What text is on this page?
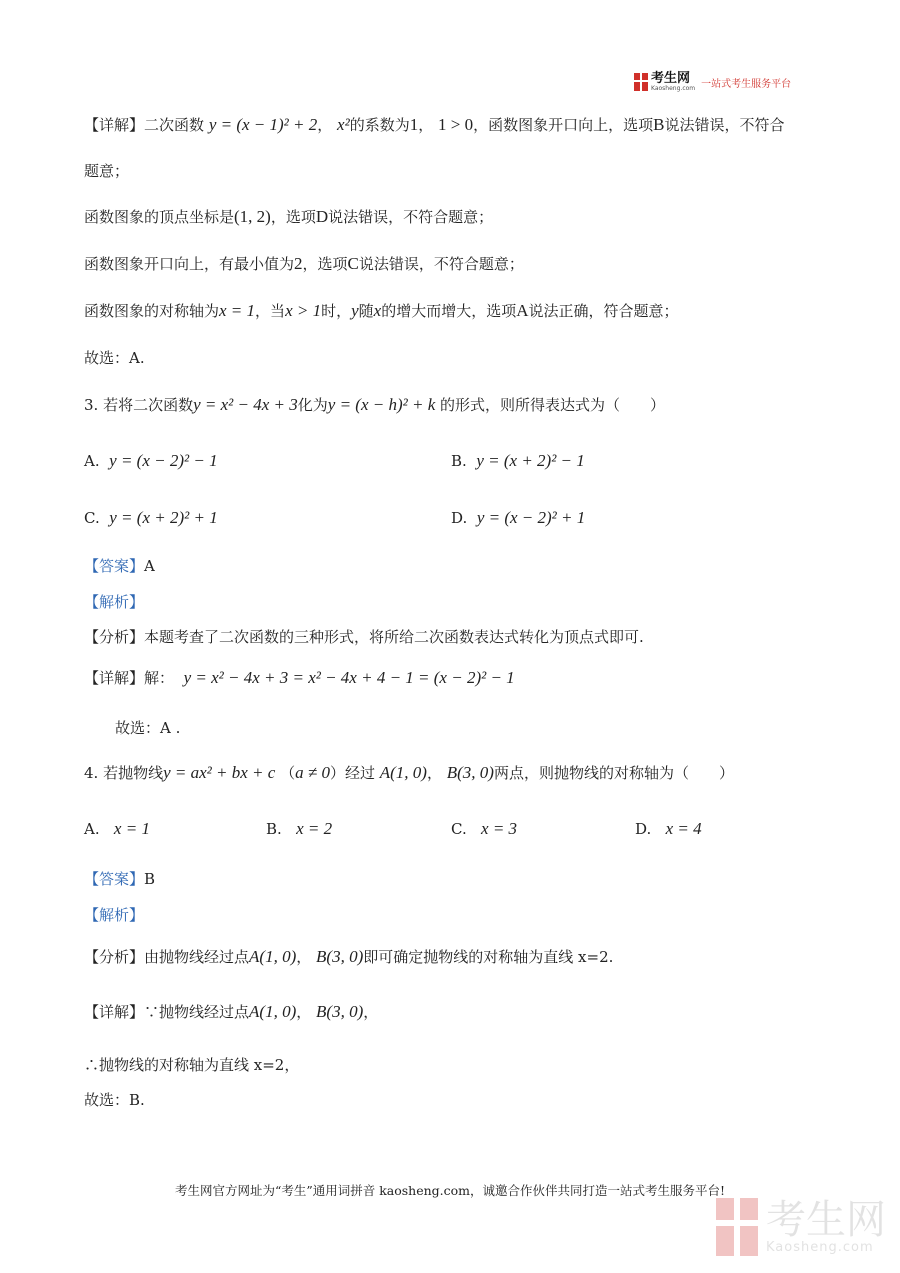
考生网
Kaosheng.com 一站式考生服务平台
【详解】二次函数 y = (x − 1)² + 2， x²的系数为1， 1 > 0，函数图象开口向上，选项B说法错误，不符合
题意；
函数图象的顶点坐标是(1, 2)，选项D说法错误，不符合题意；
函数图象开口向上，有最小值为2，选项C说法错误，不符合题意；
函数图象的对称轴为x = 1，当x > 1时，y随x的增大而增大，选项A说法正确，符合题意；
故选：A.
3. 若将二次函数y = x² − 4x + 3化为y = (x − h)² + k 的形式，则所得表达式为（　　）
A. y = (x − 2)² − 1	B. y = (x + 2)² − 1
C. y = (x + 2)² + 1	D. y = (x − 2)² + 1
【答案】A
【解析】
【分析】本题考查了二次函数的三种形式，将所给二次函数表达式转化为顶点式即可.
【详解】解： y = x² − 4x + 3 = x² − 4x + 4 − 1 = (x − 2)² − 1
故选：A .
4. 若抛物线y = ax² + bx + c （a ≠ 0）经过 A(1, 0)， B(3, 0)两点，则抛物线的对称轴为（　　）
A. x = 1	B. x = 2	C. x = 3	D. x = 4
【答案】B
【解析】
【分析】由抛物线经过点A(1, 0)， B(3, 0)即可确定抛物线的对称轴为直线 x=2.
【详解】∵抛物线经过点A(1, 0)， B(3, 0)，
∴抛物线的对称轴为直线 x=2，
故选：B.
考生网官方网址为“考生”通用词拼音 kaosheng.com，诚邀合作伙伴共同打造一站式考生服务平台!
考生网
Kaosheng.com
